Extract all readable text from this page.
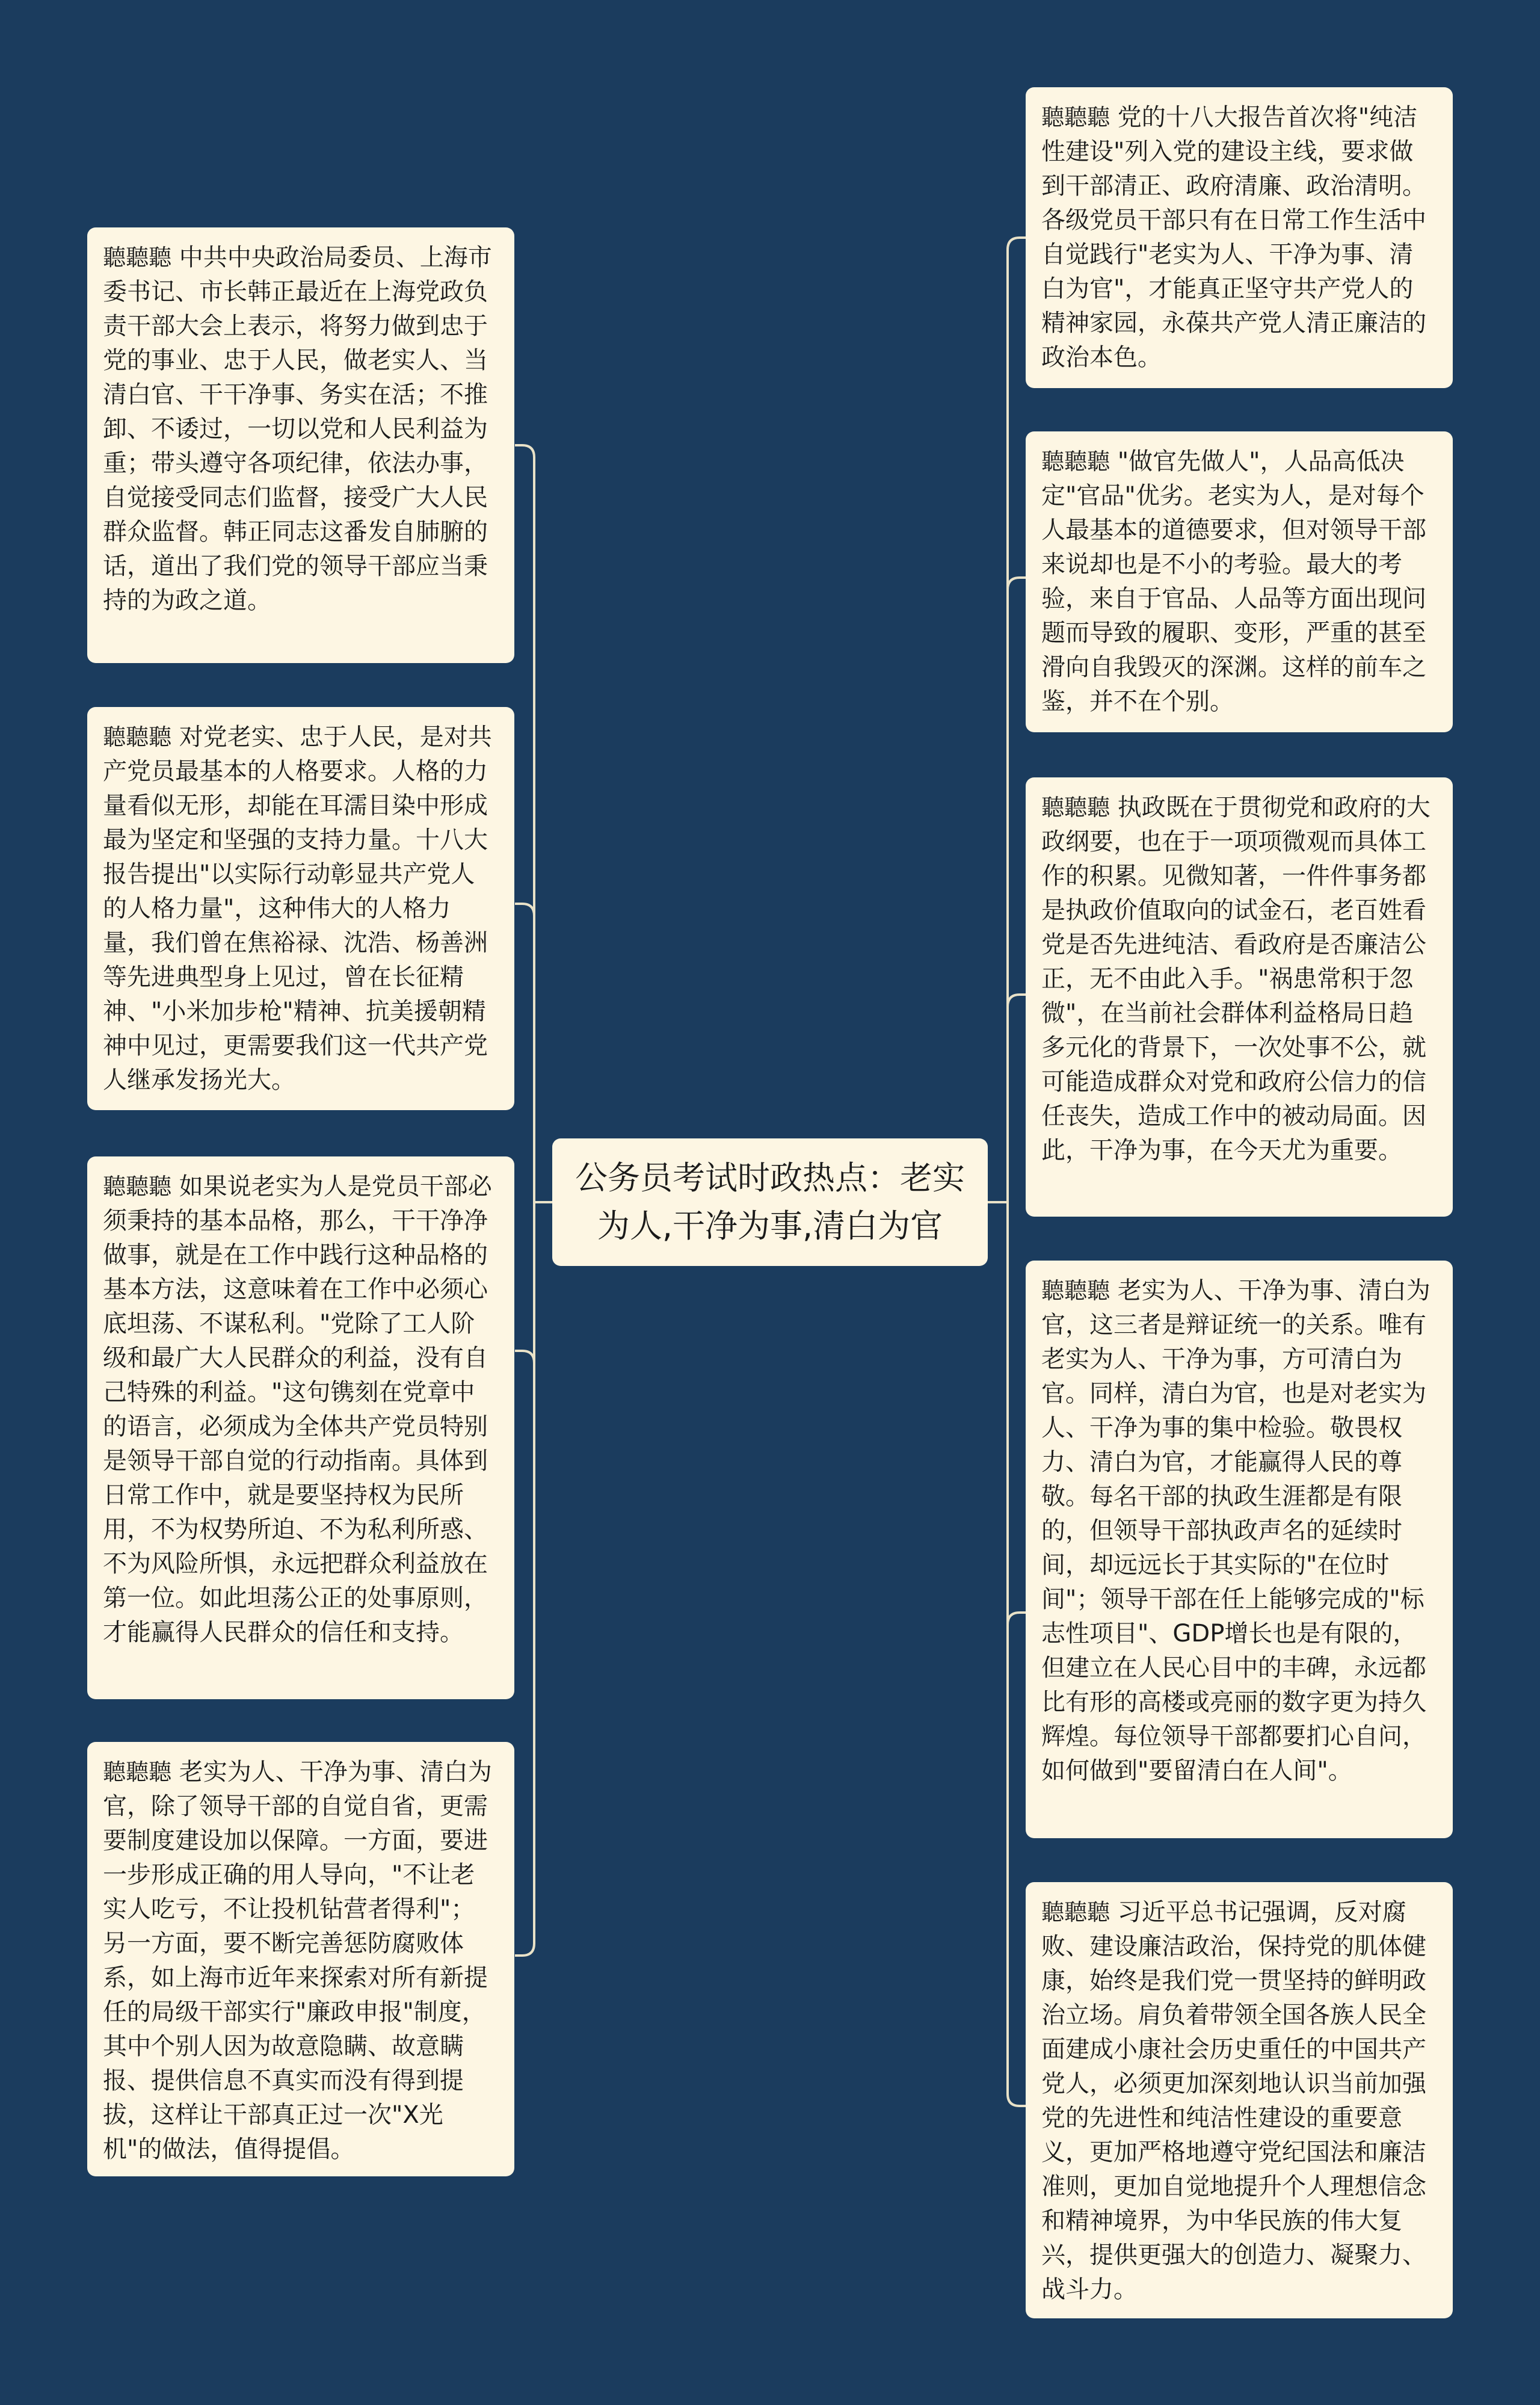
公务员考试时政热点：老实为人,干净为事,清白为官
聽聽聽 中共中央政治局委员、上海市委书记、市长韩正最近在上海党政负责干部大会上表示，将努力做到忠于党的事业、忠于人民，做老实人、当清白官、干干净事、务实在活；不推卸、不诿过，一切以党和人民利益为重；带头遵守各项纪律，依法办事，自觉接受同志们监督，接受广大人民群众监督。韩正同志这番发自肺腑的话，道出了我们党的领导干部应当秉持的为政之道。
聽聽聽 对党老实、忠于人民，是对共产党员最基本的人格要求。人格的力量看似无形，却能在耳濡目染中形成最为坚定和坚强的支持力量。十八大报告提出"以实际行动彰显共产党人的人格力量"，这种伟大的人格力量，我们曾在焦裕禄、沈浩、杨善洲等先进典型身上见过，曾在长征精神、"小米加步枪"精神、抗美援朝精神中见过，更需要我们这一代共产党人继承发扬光大。
聽聽聽 如果说老实为人是党员干部必须秉持的基本品格，那么，干干净净做事，就是在工作中践行这种品格的基本方法，这意味着在工作中必须心底坦荡、不谋私利。"党除了工人阶级和最广大人民群众的利益，没有自己特殊的利益。"这句镌刻在党章中的语言，必须成为全体共产党员特别是领导干部自觉的行动指南。具体到日常工作中，就是要坚持权为民所用，不为权势所迫、不为私利所惑、不为风险所惧，永远把群众利益放在第一位。如此坦荡公正的处事原则，才能赢得人民群众的信任和支持。
聽聽聽 老实为人、干净为事、清白为官，除了领导干部的自觉自省，更需要制度建设加以保障。一方面，要进一步形成正确的用人导向，"不让老实人吃亏，不让投机钻营者得利"；另一方面，要不断完善惩防腐败体系，如上海市近年来探索对所有新提任的局级干部实行"廉政申报"制度，其中个别人因为故意隐瞒、故意瞒报、提供信息不真实而没有得到提拔，这样让干部真正过一次"X光机"的做法，值得提倡。
聽聽聽 党的十八大报告首次将"纯洁性建设"列入党的建设主线，要求做到干部清正、政府清廉、政治清明。各级党员干部只有在日常工作生活中自觉践行"老实为人、干净为事、清白为官"，才能真正坚守共产党人的精神家园，永葆共产党人清正廉洁的政治本色。
聽聽聽 "做官先做人"，人品高低决定"官品"优劣。老实为人，是对每个人最基本的道德要求，但对领导干部来说却也是不小的考验。最大的考验，来自于官品、人品等方面出现问题而导致的履职、变形，严重的甚至滑向自我毁灭的深渊。这样的前车之鉴，并不在个别。
聽聽聽 执政既在于贯彻党和政府的大政纲要，也在于一项项微观而具体工作的积累。见微知著，一件件事务都是执政价值取向的试金石，老百姓看党是否先进纯洁、看政府是否廉洁公正，无不由此入手。"祸患常积于忽微"，在当前社会群体利益格局日趋多元化的背景下，一次处事不公，就可能造成群众对党和政府公信力的信任丧失，造成工作中的被动局面。因此，干净为事，在今天尤为重要。
聽聽聽 老实为人、干净为事、清白为官，这三者是辩证统一的关系。唯有老实为人、干净为事，方可清白为官。同样，清白为官，也是对老实为人、干净为事的集中检验。敬畏权力、清白为官，才能赢得人民的尊敬。每名干部的执政生涯都是有限的，但领导干部执政声名的延续时间，却远远长于其实际的"在位时间"；领导干部在任上能够完成的"标志性项目"、GDP增长也是有限的，但建立在人民心目中的丰碑，永远都比有形的高楼或亮丽的数字更为持久辉煌。每位领导干部都要扪心自问，如何做到"要留清白在人间"。
聽聽聽 习近平总书记强调，反对腐败、建设廉洁政治，保持党的肌体健康，始终是我们党一贯坚持的鲜明政治立场。肩负着带领全国各族人民全面建成小康社会历史重任的中国共产党人，必须更加深刻地认识当前加强党的先进性和纯洁性建设的重要意义，更加严格地遵守党纪国法和廉洁准则，更加自觉地提升个人理想信念和精神境界，为中华民族的伟大复兴，提供更强大的创造力、凝聚力、战斗力。
